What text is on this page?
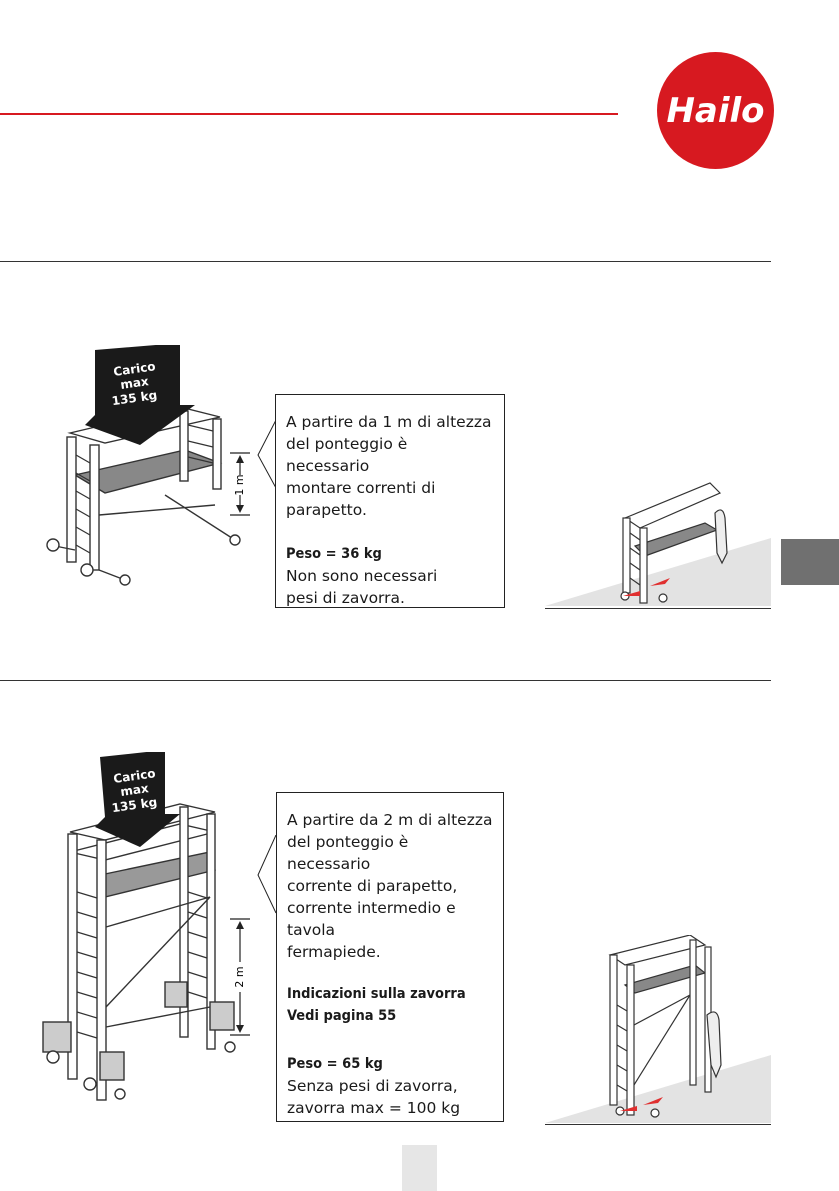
Hailo
Carico
max
135 kg
1 m

A partire da 1 m di altezza

del ponteggio è necessario

montare correnti di parapetto.

Peso = 36 kg

Non sono necessari

pesi di zavorra.

Carico
max
135 kg
2 m

A partire da 2 m di altezza

del ponteggio è necessario

corrente di parapetto,

corrente intermedio e tavola

fermapiede.

Indicazioni sulla zavorra

Vedi pagina 55

Peso = 65 kg

Senza pesi di zavorra,

zavorra max = 100 kg
